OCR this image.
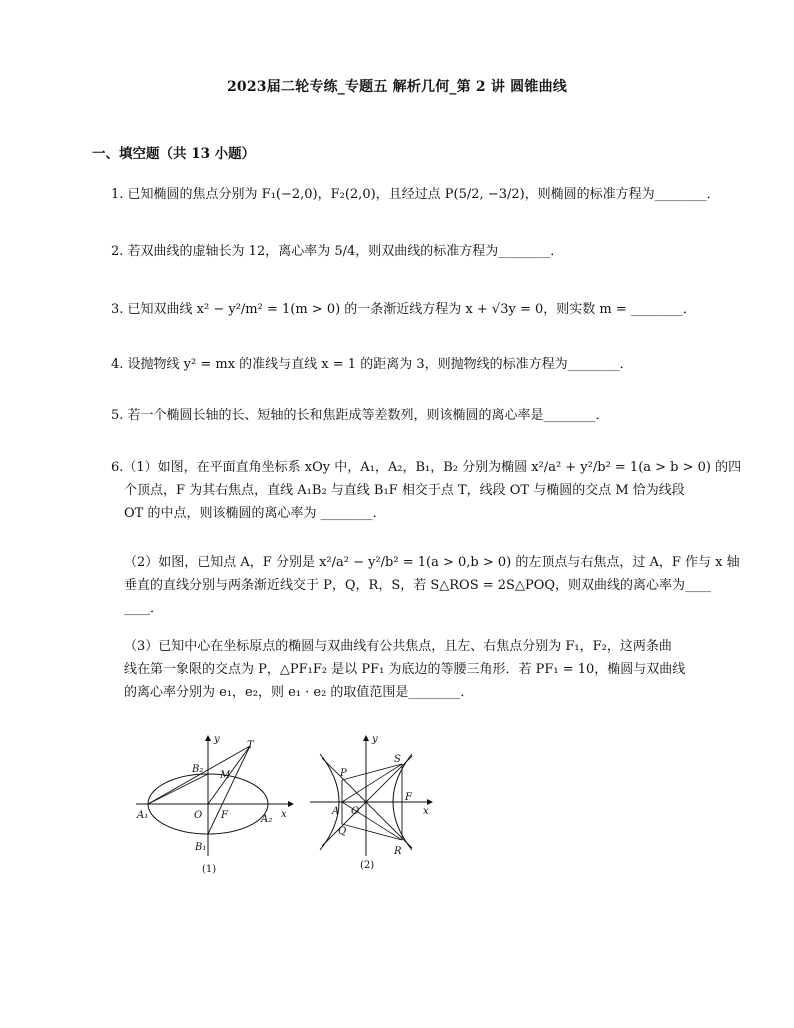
2023届二轮专练_专题五 解析几何_第 2 讲 圆锥曲线
一、填空题（共 13 小题）
1. 已知椭圆的焦点分别为 F₁(−2,0)，F₂(2,0)，且经过点 P(5/2, −3/2)，则椭圆的标准方程为________．
2. 若双曲线的虚轴长为 12，离心率为 5/4，则双曲线的标准方程为________．
3. 已知双曲线 x² − y²/m² = 1(m > 0) 的一条渐近线方程为 x + √3y = 0，则实数 m = ________．
4. 设抛物线 y² = mx 的准线与直线 x = 1 的距离为 3，则抛物线的标准方程为________．
5. 若一个椭圆长轴的长、短轴的长和焦距成等差数列，则该椭圆的离心率是________．
6.（1）如图，在平面直角坐标系 xOy 中，A₁，A₂，B₁，B₂ 分别为椭圆 x²/a² + y²/b² = 1(a > b > 0) 的四
个顶点，F 为其右焦点，直线 A₁B₂ 与直线 B₁F 相交于点 T，线段 OT 与椭圆的交点 M 恰为线段
OT 的中点，则该椭圆的离心率为 ________．
（2）如图，已知点 A，F 分别是 x²/a² − y²/b² = 1(a > 0,b > 0) 的左顶点与右焦点，过 A，F 作与 x 轴
垂直的直线分别与两条渐近线交于 P，Q，R，S，若 S△ROS = 2S△POQ，则双曲线的离心率为____
____．
（3）已知中心在坐标原点的椭圆与双曲线有公共焦点，且左、右焦点分别为 F₁，F₂，这两条曲
线在第一象限的交点为 P，△PF₁F₂ 是以 PF₁ 为底边的等腰三角形．若 PF₁ = 10，椭圆与双曲线
的离心率分别为 e₁，e₂，则 e₁ · e₂ 的取值范围是________．
y
x
T
B₂
M
A₁	O F	A₂
B₁
(1)
y
x
S
P
A O
F
Q
R
(2)
